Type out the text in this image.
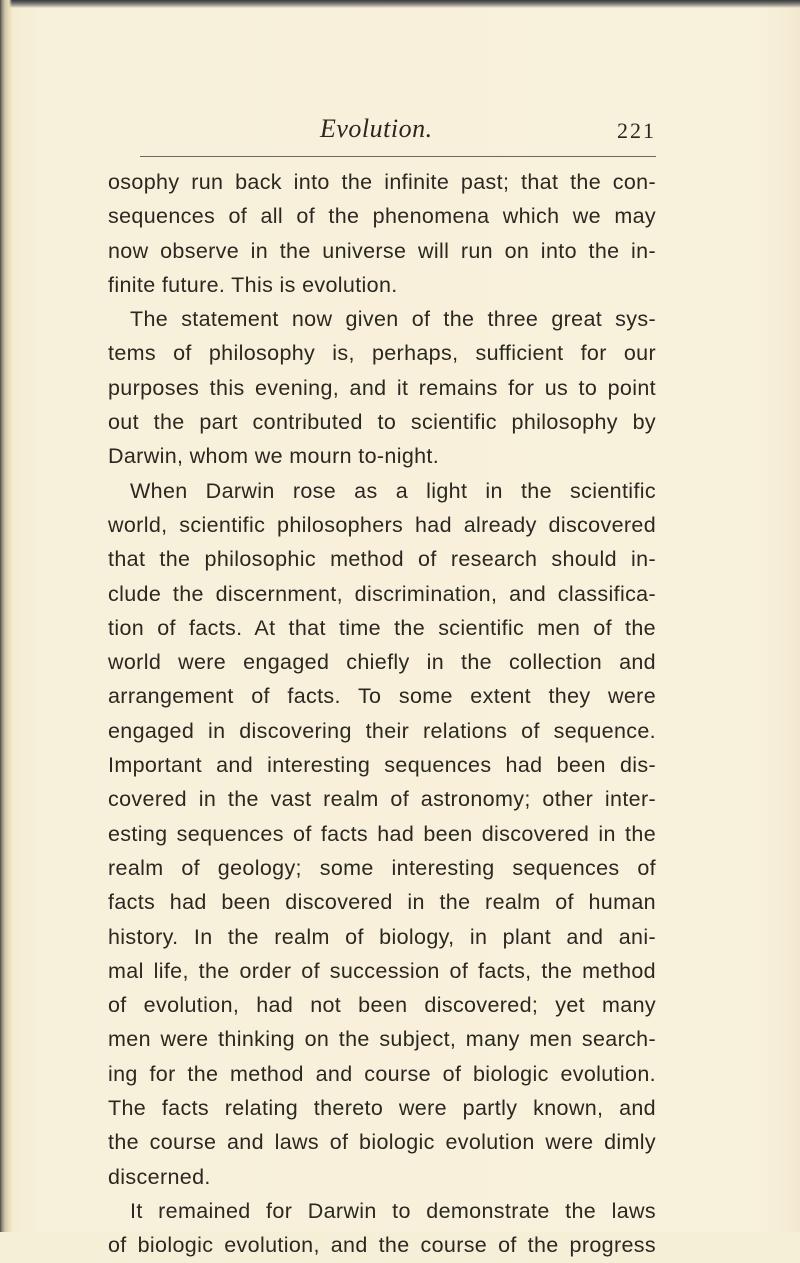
Evolution.	221
osophy run back into the infinite past; that the con-
sequences of all of the phenomena which we may
now observe in the universe will run on into the in-
finite future. This is evolution.
The statement now given of the three great sys-
tems of philosophy is, perhaps, sufficient for our
purposes this evening, and it remains for us to point
out the part contributed to scientific philosophy by
Darwin, whom we mourn to-night.
When Darwin rose as a light in the scientific
world, scientific philosophers had already discovered
that the philosophic method of research should in-
clude the discernment, discrimination, and classifica-
tion of facts. At that time the scientific men of the
world were engaged chiefly in the collection and
arrangement of facts. To some extent they were
engaged in discovering their relations of sequence.
Important and interesting sequences had been dis-
covered in the vast realm of astronomy; other inter-
esting sequences of facts had been discovered in the
realm of geology; some interesting sequences of
facts had been discovered in the realm of human
history. In the realm of biology, in plant and ani-
mal life, the order of succession of facts, the method
of evolution, had not been discovered; yet many
men were thinking on the subject, many men search-
ing for the method and course of biologic evolution.
The facts relating thereto were partly known, and
the course and laws of biologic evolution were dimly
discerned.
It remained for Darwin to demonstrate the laws
of biologic evolution, and the course of the progress
